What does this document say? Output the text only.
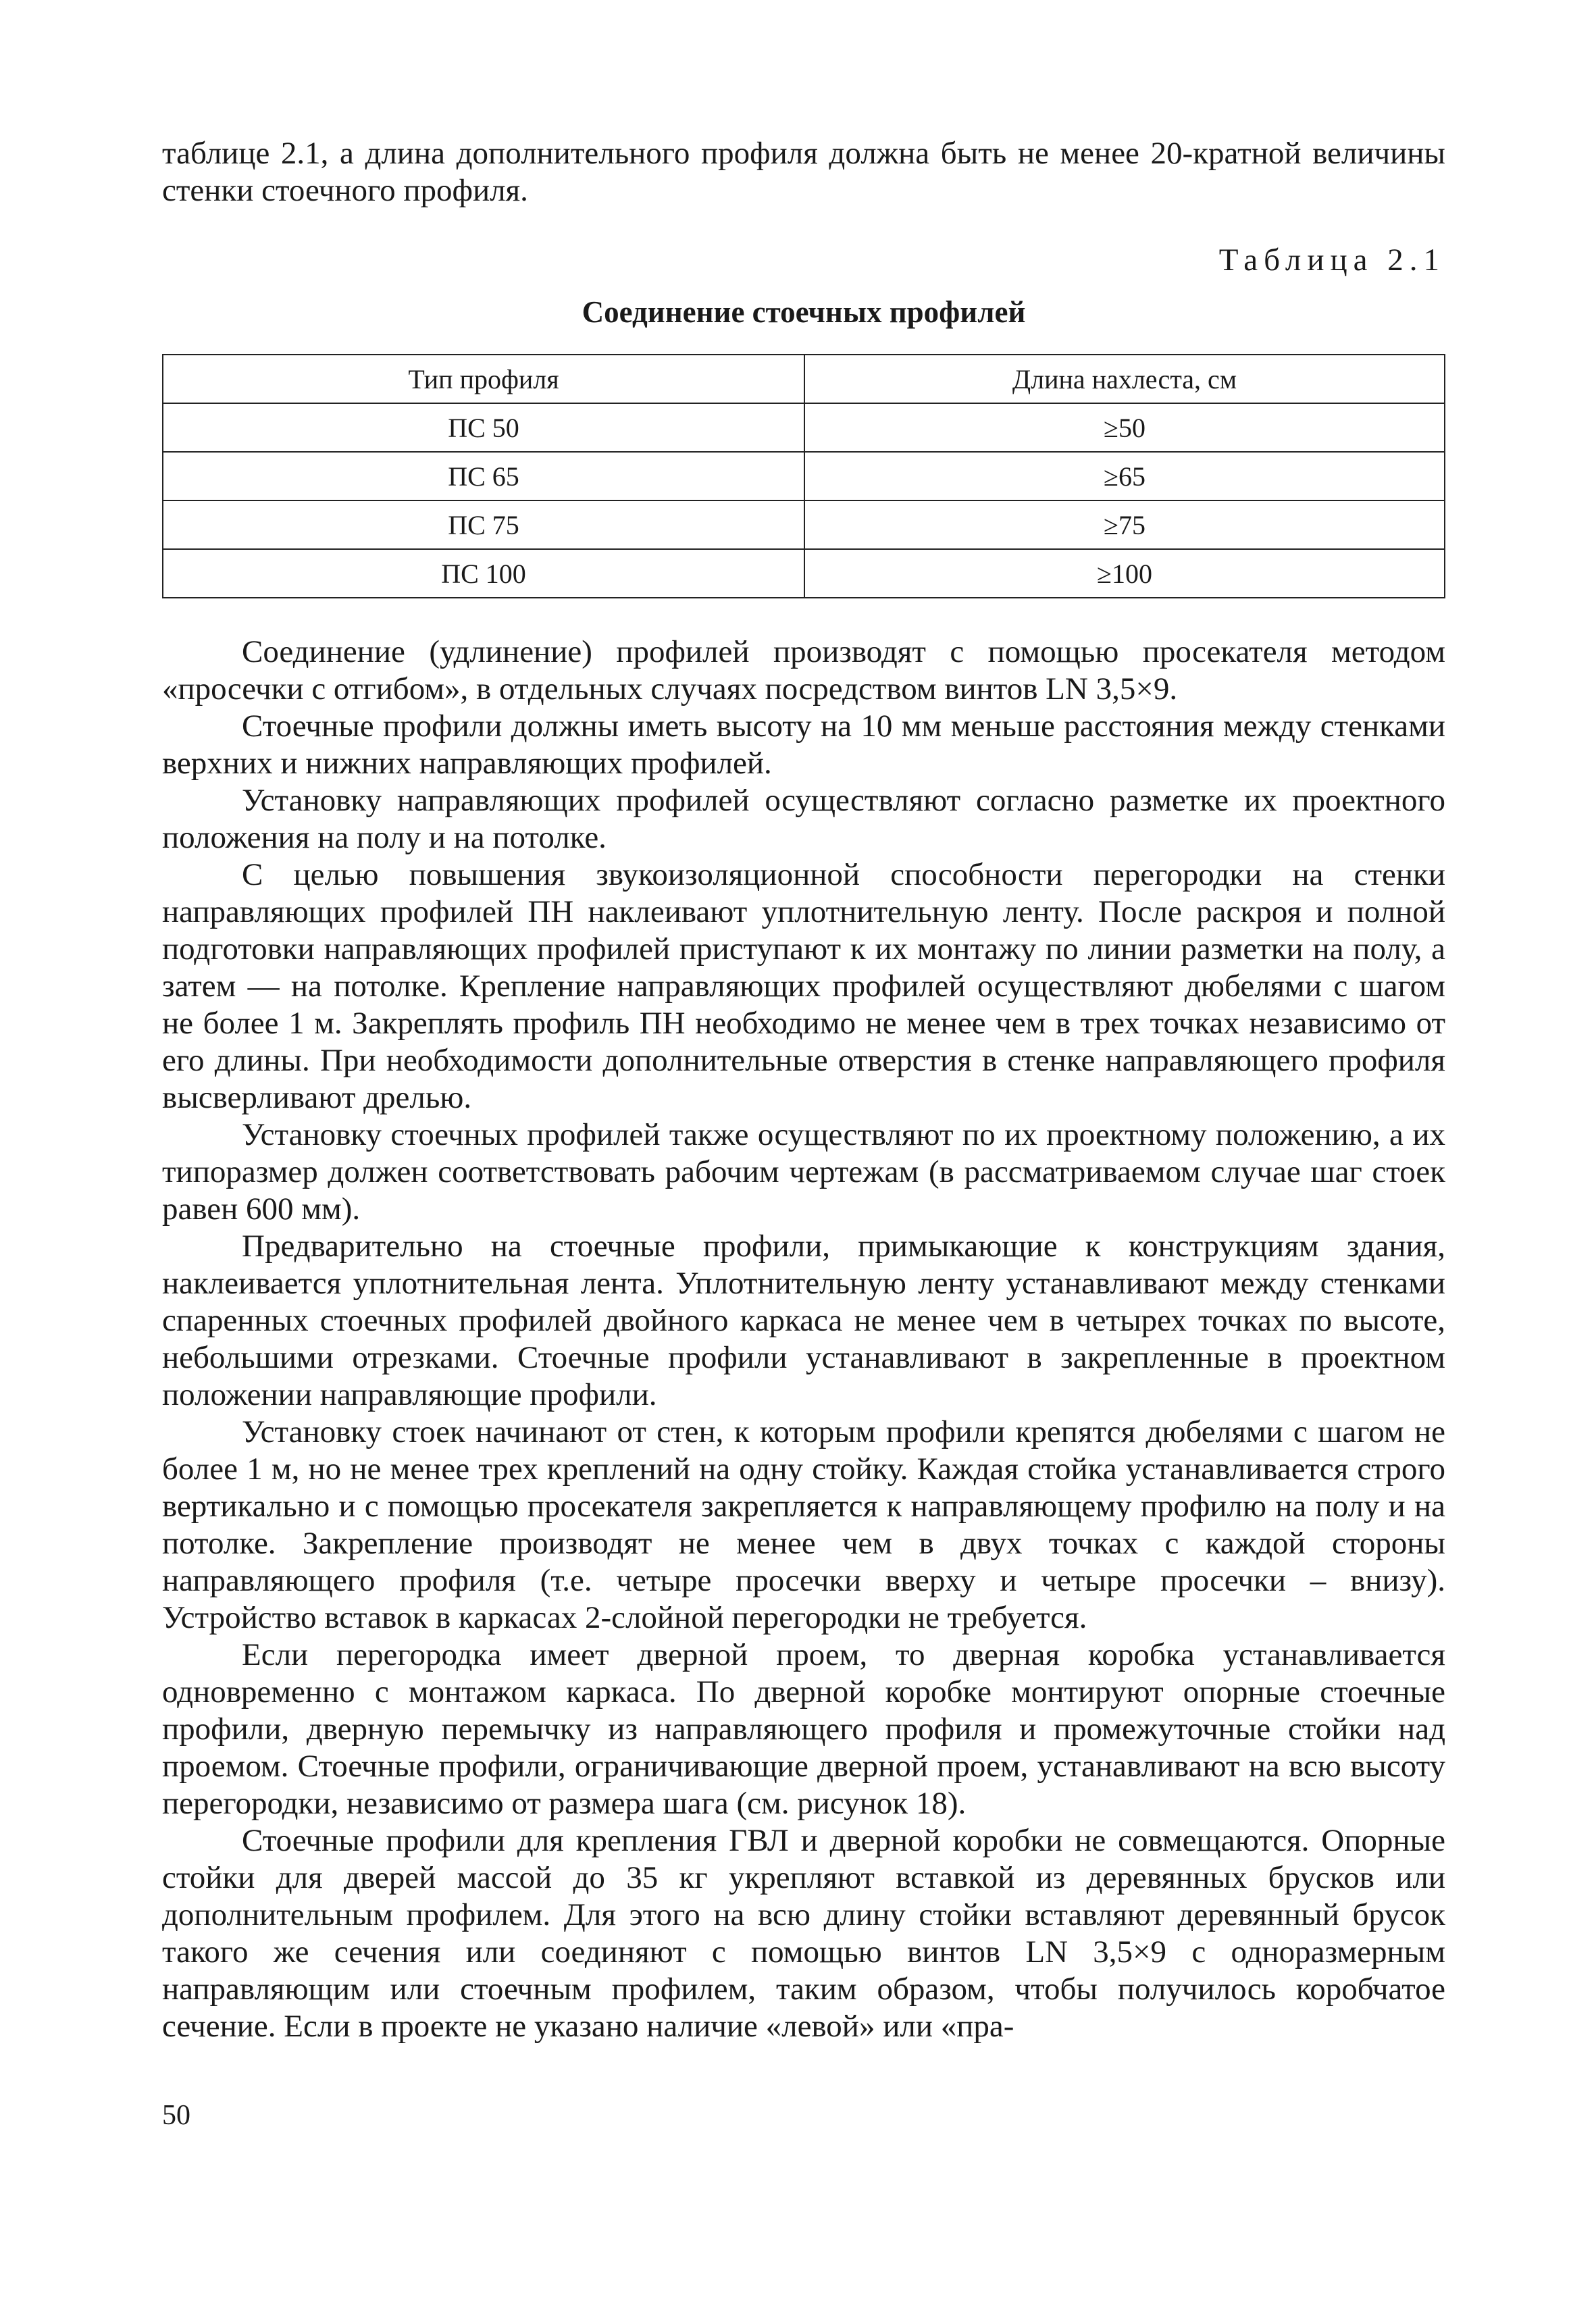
таблице 2.1, а длина дополнительного профиля должна быть не менее 20-кратной величины стенки стоечного профиля.

Таблица 2.1
Соединение стоечных профилей
Тип профиля	Длина нахлеста, см
ПС 50	≥50
ПС 65	≥65
ПС 75	≥75
ПС 100	≥100

Соединение (удлинение) профилей производят с помощью просекателя методом «просечки с отгибом», в отдельных случаях посредством винтов LN 3,5×9.

Стоечные профили должны иметь высоту на 10 мм меньше расстояния между стенками верхних и нижних направляющих профилей.

Установку направляющих профилей осуществляют согласно разметке их проектного положения на полу и на потолке.

С целью повышения звукоизоляционной способности перегородки на стенки направляющих профилей ПН наклеивают уплотнительную ленту. После раскроя и полной подготовки направляющих профилей приступают к их монтажу по линии разметки на полу, а затем — на потолке. Крепление направляющих профилей осуществляют дюбелями с шагом не более 1 м. Закреплять профиль ПН необходимо не менее чем в трех точках независимо от его длины. При необходимости дополнительные отверстия в стенке направляющего профиля высверливают дрелью.

Установку стоечных профилей также осуществляют по их проектному положению, а их типоразмер должен соответствовать рабочим чертежам (в рассматриваемом случае шаг стоек равен 600 мм).

Предварительно на стоечные профили, примыкающие к конструкциям здания, наклеивается уплотнительная лента. Уплотнительную ленту устанавливают между стенками спаренных стоечных профилей двойного каркаса не менее чем в четырех точках по высоте, небольшими отрезками. Стоечные профили устанавливают в закрепленные в проектном положении направляющие профили.

Установку стоек начинают от стен, к которым профили крепятся дюбелями с шагом не более 1 м, но не менее трех креплений на одну стойку. Каждая стойка устанавливается строго вертикально и с помощью просекателя закрепляется к направляющему профилю на полу и на потолке. Закрепление производят не менее чем в двух точках с каждой стороны направляющего профиля (т.е. четыре просечки вверху и четыре просечки – внизу). Устройство вставок в каркасах 2-слойной перегородки не требуется.

Если перегородка имеет дверной проем, то дверная коробка устанавливается одновременно с монтажом каркаса. По дверной коробке монтируют опорные стоечные профили, дверную перемычку из направляющего профиля и промежуточные стойки над проемом. Стоечные профили, ограничивающие дверной проем, устанавливают на всю высоту перегородки, независимо от размера шага (см. рисунок 18).

Стоечные профили для крепления ГВЛ и дверной коробки не совмещаются. Опорные стойки для дверей массой до 35 кг укрепляют вставкой из деревянных брусков или дополнительным профилем. Для этого на всю длину стойки вставляют деревянный брусок такого же сечения или соединяют с помощью винтов LN 3,5×9 с одноразмерным направляющим или стоечным профилем, таким образом, чтобы получилось коробчатое сечение. Если в проекте не указано наличие «левой» или «пра-

50
